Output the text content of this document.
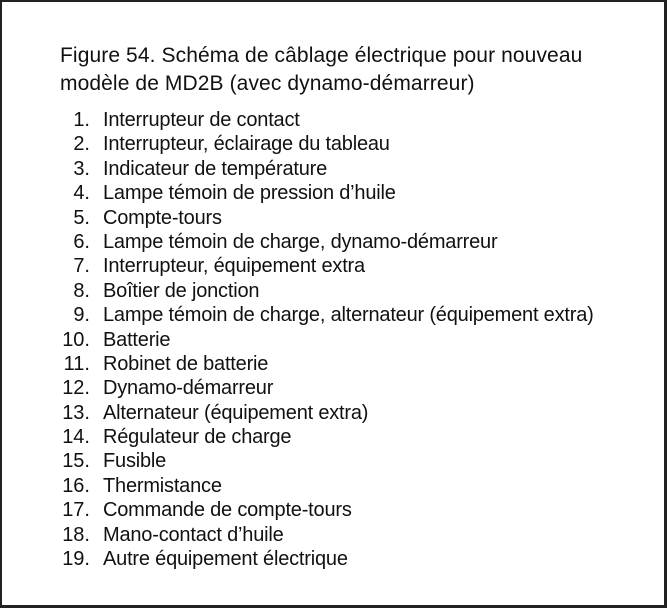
Figure 54. Schéma de câblage électrique pour nouveau
modèle de MD2B (avec dynamo-démarreur)

1. Interrupteur de contact
2. Interrupteur, éclairage du tableau
3. Indicateur de température
4. Lampe témoin de pression d’huile
5. Compte-tours
6. Lampe témoin de charge, dynamo-démarreur
7. Interrupteur, équipement extra
8. Boîtier de jonction
9. Lampe témoin de charge, alternateur (équipement extra)
10. Batterie
11. Robinet de batterie
12. Dynamo-démarreur
13. Alternateur (équipement extra)
14. Régulateur de charge
15. Fusible
16. Thermistance
17. Commande de compte-tours
18. Mano-contact d’huile
19. Autre équipement électrique
